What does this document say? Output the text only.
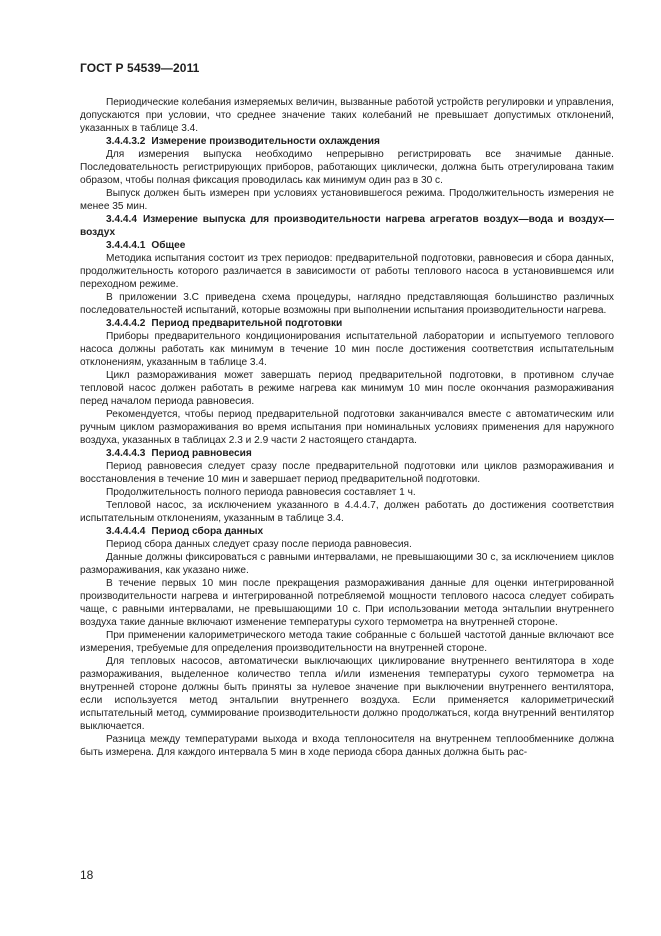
ГОСТ Р 54539—2011

Периодические колебания измеряемых величин, вызванные работой устройств регулировки и управления, допускаются при условии, что среднее значение таких колебаний не превышает допустимых отклонений, указанных в таблице 3.4.

3.4.4.3.2 Измерение производительности охлаждения

Для измерения выпуска необходимо непрерывно регистрировать все значимые данные. Последовательность регистрирующих приборов, работающих циклически, должна быть отрегулирована таким образом, чтобы полная фиксация проводилась как минимум один раз в 30 с.

Выпуск должен быть измерен при условиях установившегося режима. Продолжительность измерения не менее 35 мин.

3.4.4.4 Измерение выпуска для производительности нагрева агрегатов воздух—вода и воздух—воздух

3.4.4.4.1 Общее

Методика испытания состоит из трех периодов: предварительной подготовки, равновесия и сбора данных, продолжительность которого различается в зависимости от работы теплового насоса в установившемся или переходном режиме.

В приложении 3.С приведена схема процедуры, наглядно представляющая большинство различных последовательностей испытаний, которые возможны при выполнении испытания производительности нагрева.

3.4.4.4.2 Период предварительной подготовки

Приборы предварительного кондиционирования испытательной лаборатории и испытуемого теплового насоса должны работать как минимум в течение 10 мин после достижения соответствия испытательным отклонениям, указанным в таблице 3.4.

Цикл размораживания может завершать период предварительной подготовки, в противном случае тепловой насос должен работать в режиме нагрева как минимум 10 мин после окончания размораживания перед началом периода равновесия.

Рекомендуется, чтобы период предварительной подготовки заканчивался вместе с автоматическим или ручным циклом размораживания во время испытания при номинальных условиях применения для наружного воздуха, указанных в таблицах 2.3 и 2.9 части 2 настоящего стандарта.

3.4.4.4.3 Период равновесия

Период равновесия следует сразу после предварительной подготовки или циклов размораживания и восстановления в течение 10 мин и завершает период предварительной подготовки.

Продолжительность полного периода равновесия составляет 1 ч.

Тепловой насос, за исключением указанного в 4.4.4.7, должен работать до достижения соответствия испытательным отклонениям, указанным в таблице 3.4.

3.4.4.4.4 Период сбора данных

Период сбора данных следует сразу после периода равновесия.

Данные должны фиксироваться с равными интервалами, не превышающими 30 с, за исключением циклов размораживания, как указано ниже.

В течение первых 10 мин после прекращения размораживания данные для оценки интегрированной производительности нагрева и интегрированной потребляемой мощности теплового насоса следует собирать чаще, с равными интервалами, не превышающими 10 с. При использовании метода энтальпии внутреннего воздуха такие данные включают изменение температуры сухого термометра на внутренней стороне.

При применении калориметрического метода такие собранные с большей частотой данные включают все измерения, требуемые для определения производительности на внутренней стороне.

Для тепловых насосов, автоматически выключающих циклирование внутреннего вентилятора в ходе размораживания, выделенное количество тепла и/или изменения температуры сухого термометра на внутренней стороне должны быть приняты за нулевое значение при выключении внутреннего вентилятора, если используется метод энтальпии внутреннего воздуха. Если применяется калориметрический испытательный метод, суммирование производительности должно продолжаться, когда внутренний вентилятор выключается.

Разница между температурами выхода и входа теплоносителя на внутреннем теплообменнике должна быть измерена. Для каждого интервала 5 мин в ходе периода сбора данных должна быть рас-

18
